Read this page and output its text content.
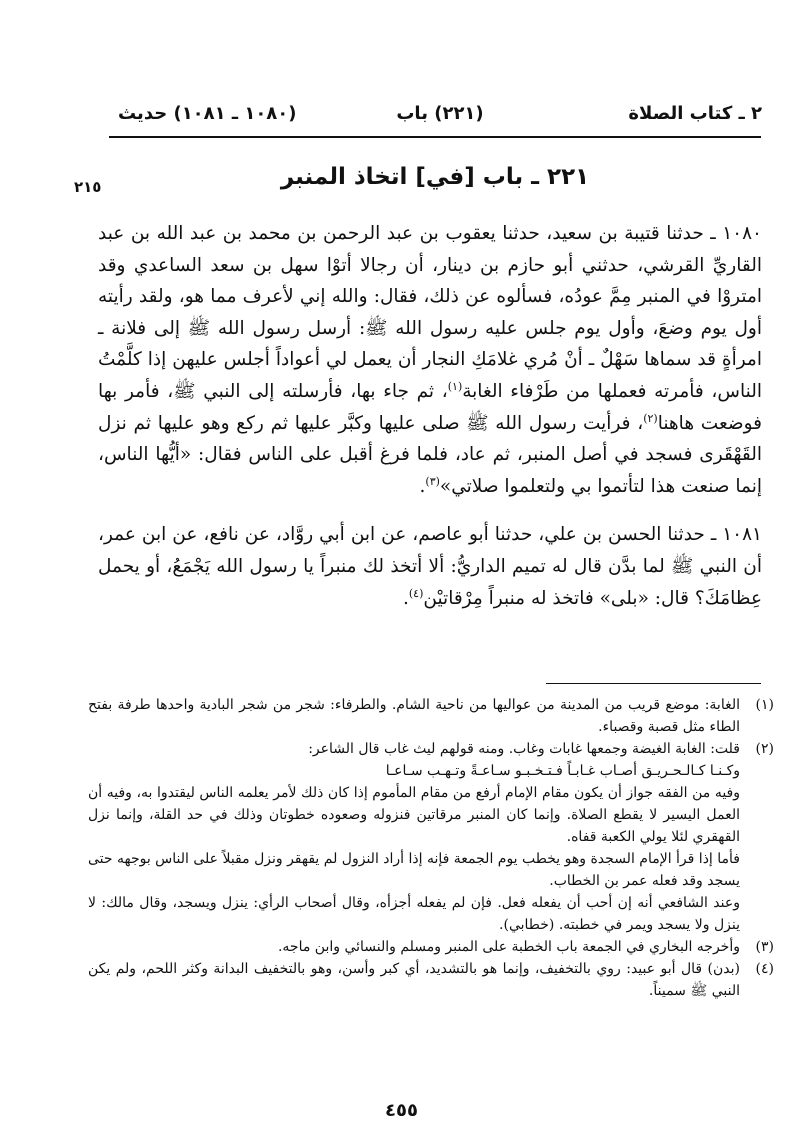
٢ ـ كتاب الصلاة
(٢٢١) باب
(١٠٨٠ ـ ١٠٨١) حديث
٢١٥	٢٢١ ـ باب [في] اتخاذ المنبر

١٠٨٠ ـ حدثنا قتيبة بن سعيد، حدثنا يعقوب بن عبد الرحمن بن محمد بن عبد الله بن عبد القاريِّ القرشي، حدثني أبو حازم بن دينار، أن رجالا أتوْا سهل بن سعد الساعدي وقد امتروْا في المنبر مِمَّ عودُه، فسألوه عن ذلك، فقال: والله إني لأعرف مما هو، ولقد رأيته أول يوم وضعَ، وأول يوم جلس عليه رسول الله ﷺ: أرسل رسول الله ﷺ إلى فلانة ـ امرأةٍ قد سماها سَهْلٌ ـ أنْ مُري غلامَكِ النجار أن يعمل لي أعواداً أجلس عليهن إذا كلَّمْتُ الناس، فأمرته فعملها من طَرْفاء الغابة$^{(١)}$، ثم جاء بها، فأرسلته إلى النبي ﷺ، فأمر بها فوضعت هاهنا$^{(٢)}$، فرأيت رسول الله ﷺ صلى عليها وكبَّر عليها ثم ركع وهو عليها ثم نزل القَهْقَرى فسجد في أصل المنبر، ثم عاد، فلما فرغ أقبل على الناس فقال: «أيُّها الناس، إنما صنعت هذا لتأتموا بي ولتعلموا صلاتي»$^{(٣)}$.

١٠٨١ ـ حدثنا الحسن بن علي، حدثنا أبو عاصم، عن ابن أبي روَّاد، عن نافع، عن ابن عمر، أن النبي ﷺ لما بدَّن قال له تميم الداريُّ: ألا أتخذ لك منبراً يا رسول الله يَجْمَعُ، أو يحمل عِظامَكَ؟ قال: «بلى» فاتخذ له منبراً مِرْقاتيْن$^{(٤)}$.

(١)

الغابة: موضع قريب من المدينة من عواليها من ناحية الشام. والطرفاء: شجر من شجر البادية واحدها طرفة بفتح الطاء مثل قصبة وقصباء.

(٢)

قلت: الغابة الغيضة وجمعها غابات وغاب. ومنه قولهم ليث غاب قال الشاعر:

وكـنـا كـالـحـريـق أصـاب غـابـاً فـتـخـبـو سـاعـةً وتـهـب سـاعـا

وفيه من الفقه جواز أن يكون مقام الإمام أرفع من مقام المأموم إذا كان ذلك لأمر يعلمه الناس ليقتدوا به، وفيه أن العمل اليسير لا يقطع الصلاة. وإنما كان المنبر مرقاتين فنزوله وصعوده خطوتان وذلك في حد القلة، وإنما نزل القهقري لئلا يولي الكعبة قفاه.

فأما إذا قرأ الإمام السجدة وهو يخطب يوم الجمعة فإنه إذا أراد النزول لم يقهقر ونزل مقبلاً على الناس بوجهه حتى يسجد وقد فعله عمر بن الخطاب.

وعند الشافعي أنه إن أحب أن يفعله فعل. فإن لم يفعله أجزأه، وقال أصحاب الرأي: ينزل ويسجد، وقال مالك: لا ينزل ولا يسجد ويمر في خطبته. (خطابي).

(٣)

وأخرجه البخاري في الجمعة باب الخطبة على المنبر ومسلم والنسائي وابن ماجه.

(٤)

(بدن) قال أبو عبيد: روي بالتخفيف، وإنما هو بالتشديد، أي كبر وأسن، وهو بالتخفيف البدانة وكثر اللحم، ولم يكن النبي ﷺ سميناً.

٤٥٥
